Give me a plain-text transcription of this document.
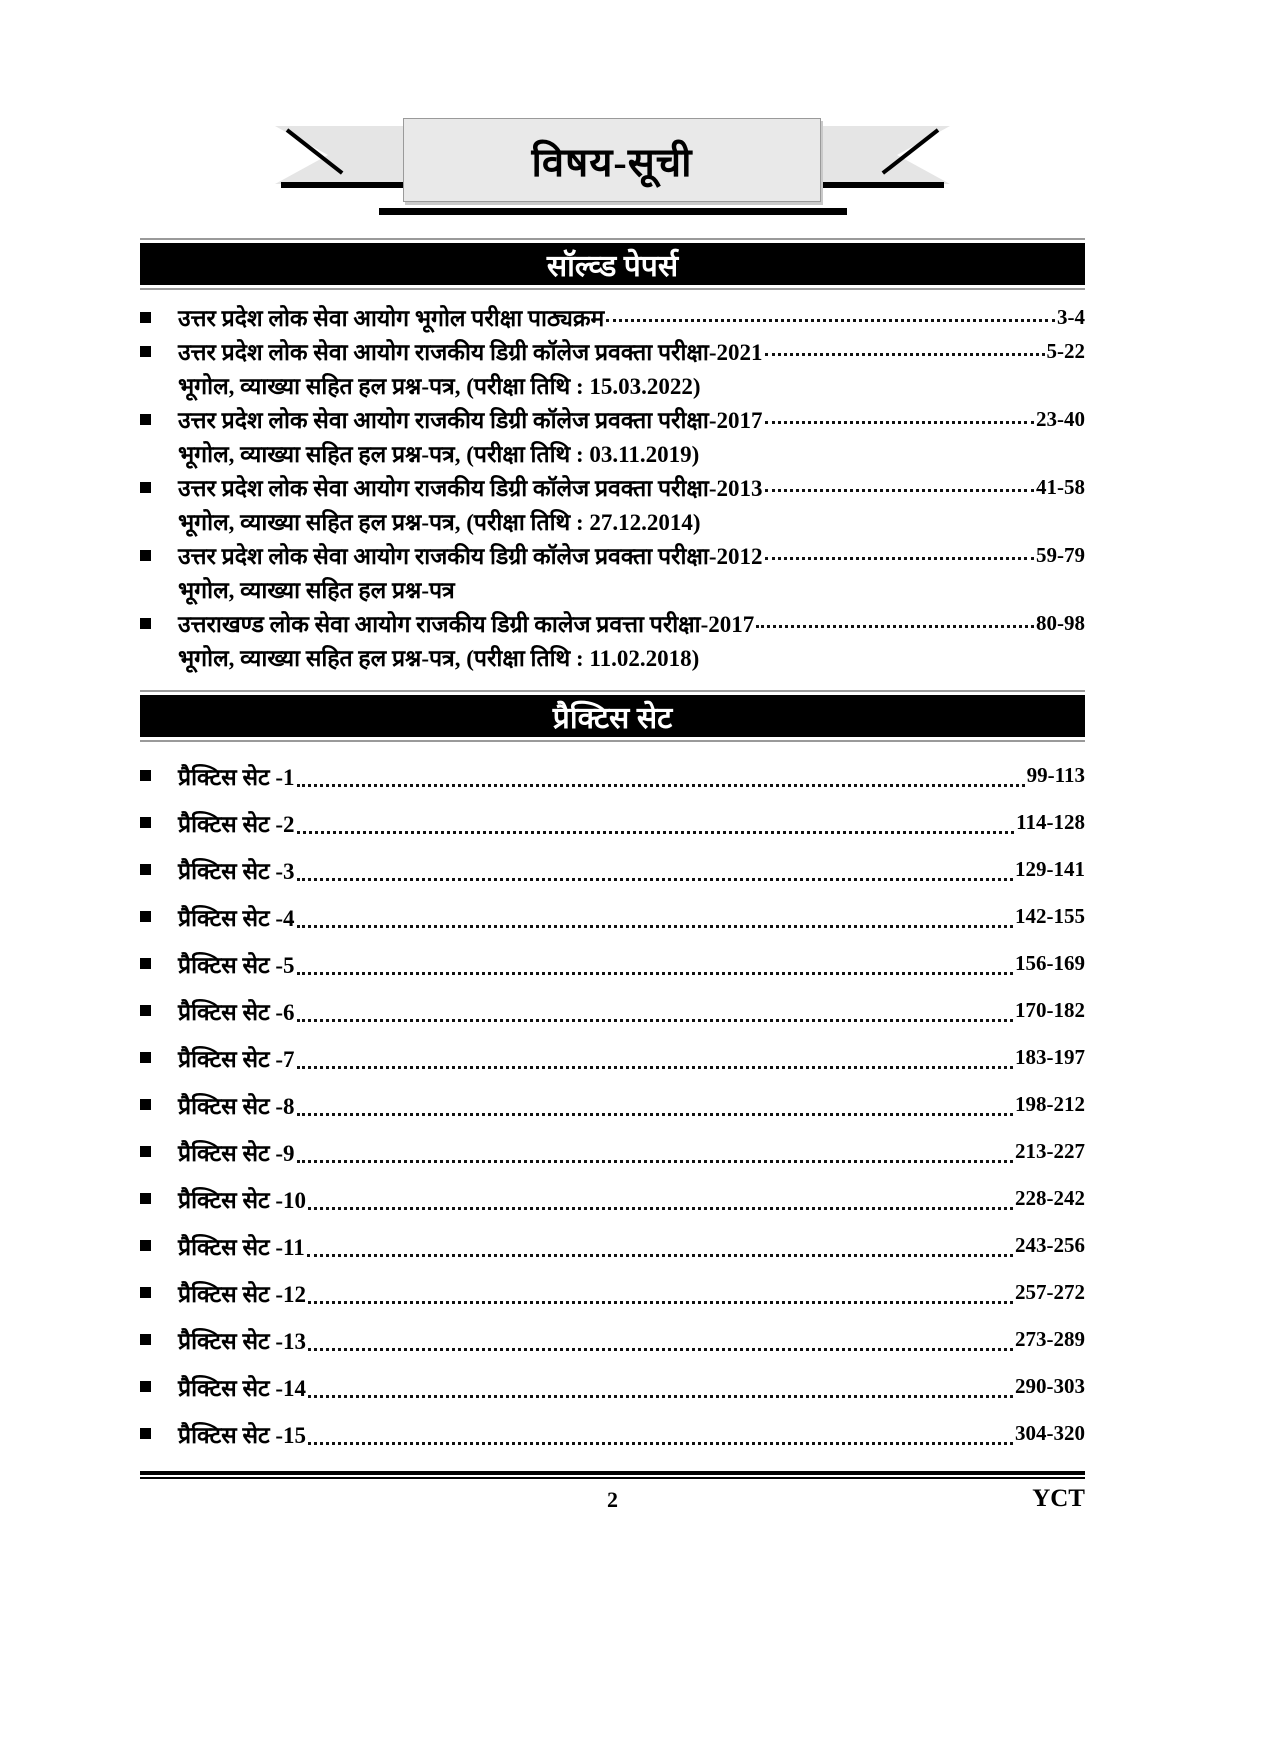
विषय-सूची
सॉल्व्ड पेपर्स
उत्तर प्रदेश लोक सेवा आयोग भूगोल परीक्षा पाठ्यक्रम	3-4
उत्तर प्रदेश लोक सेवा आयोग राजकीय डिग्री कॉलेज प्रवक्ता परीक्षा-2021	5-22
भूगोल, व्याख्या सहित हल प्रश्न-पत्र, (परीक्षा तिथि : 15.03.2022)
उत्तर प्रदेश लोक सेवा आयोग राजकीय डिग्री कॉलेज प्रवक्ता परीक्षा-2017	23-40
भूगोल, व्याख्या सहित हल प्रश्न-पत्र, (परीक्षा तिथि : 03.11.2019)
उत्तर प्रदेश लोक सेवा आयोग राजकीय डिग्री कॉलेज प्रवक्ता परीक्षा-2013	41-58
भूगोल, व्याख्या सहित हल प्रश्न-पत्र, (परीक्षा तिथि : 27.12.2014)
उत्तर प्रदेश लोक सेवा आयोग राजकीय डिग्री कॉलेज प्रवक्ता परीक्षा-2012	59-79
भूगोल, व्याख्या सहित हल प्रश्न-पत्र
उत्तराखण्ड लोक सेवा आयोग राजकीय डिग्री कालेज प्रवत्ता परीक्षा-2017	80-98
भूगोल, व्याख्या सहित हल प्रश्न-पत्र, (परीक्षा तिथि : 11.02.2018)
प्रैक्टिस सेट
प्रैक्टिस सेट -1	99-113
प्रैक्टिस सेट -2	114-128
प्रैक्टिस सेट -3	129-141
प्रैक्टिस सेट -4	142-155
प्रैक्टिस सेट -5	156-169
प्रैक्टिस सेट -6	170-182
प्रैक्टिस सेट -7	183-197
प्रैक्टिस सेट -8	198-212
प्रैक्टिस सेट -9	213-227
प्रैक्टिस सेट -10	228-242
प्रैक्टिस सेट -11	243-256
प्रैक्टिस सेट -12	257-272
प्रैक्टिस सेट -13	273-289
प्रैक्टिस सेट -14	290-303
प्रैक्टिस सेट -15	304-320
2	YCT
